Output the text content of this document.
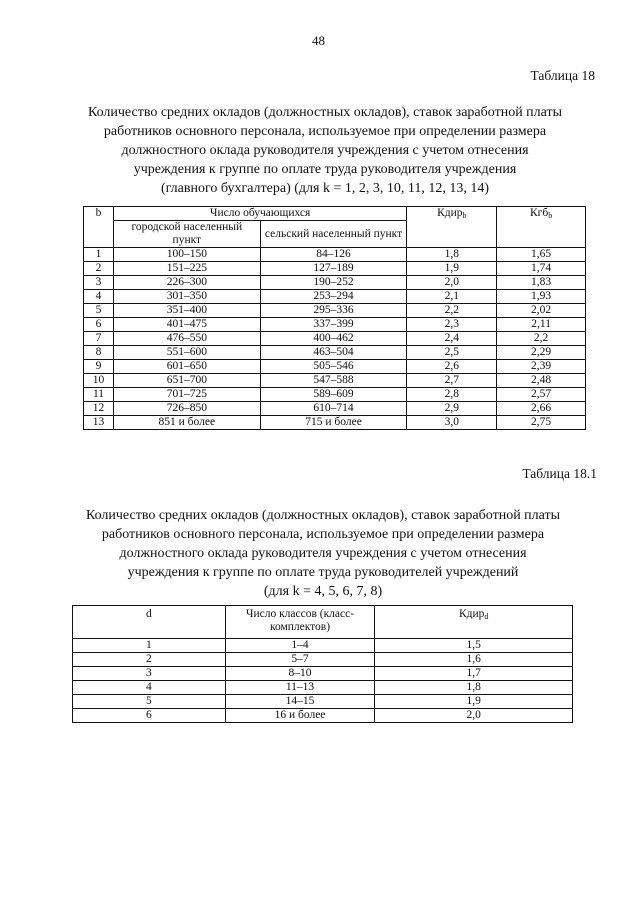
48
Таблица 18
Количество средних окладов (должностных окладов), ставок заработной платы
работников основного персонала, используемое при определении размера
должностного оклада руководителя учреждения с учетом отнесения
учреждения к группе по оплате труда руководителя учреждения
(главного бухгалтера) (для k = 1, 2, 3, 10, 11, 12, 13, 14)
b	Число обучающихся		Кдир$_b$	Кгб$_b$
	городской населенный пункт	сельский населенный пункт		
1	100–150	84–126	1,8	1,65
2	151–225	127–189	1,9	1,74
3	226–300	190–252	2,0	1,83
4	301–350	253–294	2,1	1,93
5	351–400	295–336	2,2	2,02
6	401–475	337–399	2,3	2,11
7	476–550	400–462	2,4	2,2
8	551–600	463–504	2,5	2,29
9	601–650	505–546	2,6	2,39
10	651–700	547–588	2,7	2,48
11	701–725	589–609	2,8	2,57
12	726–850	610–714	2,9	2,66
13	851 и более	715 и более	3,0	2,75
Таблица 18.1
Количество средних окладов (должностных окладов), ставок заработной платы
работников основного персонала, используемое при определении размера
должностного оклада руководителя учреждения с учетом отнесения
учреждения к группе по оплате труда руководителей учреждений
(для k = 4, 5, 6, 7, 8)
d	Число классов (класс-комплектов)	Кдир$_d$
1	1–4	1,5
2	5–7	1,6
3	8–10	1,7
4	11–13	1,8
5	14–15	1,9
6	16 и более	2,0
